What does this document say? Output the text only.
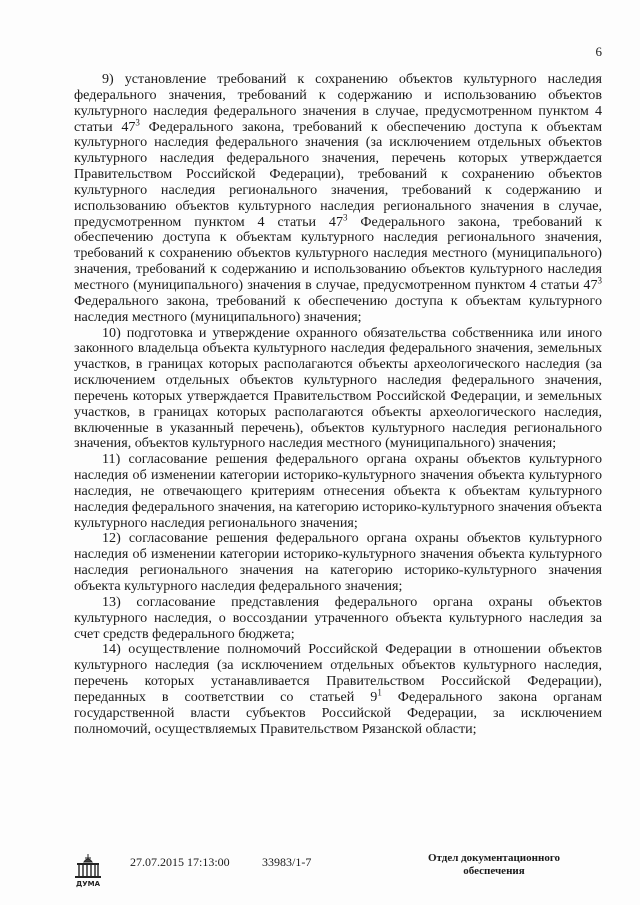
6

9) установление требований к сохранению объектов культурного наследия федерального значения, требований к содержанию и использованию объектов культурного наследия федерального значения в случае, предусмотренном пунктом 4 статьи $47^3$ Федерального закона, требований к обеспечению доступа к объектам культурного наследия федерального значения (за исключением отдельных объектов культурного наследия федерального значения, перечень которых утверждается Правительством Российской Федерации), требований к сохранению объектов культурного наследия регионального значения, требований к содержанию и использованию объектов культурного наследия регионального значения в случае, предусмотренном пунктом 4 статьи $47^3$ Федерального закона, требований к обеспечению доступа к объектам культурного наследия регионального значения, требований к сохранению объектов культурного наследия местного (муниципального) значения, требований к содержанию и использованию объектов культурного наследия местного (муниципального) значения в случае, предусмотренном пунктом 4 статьи $47^3$ Федерального закона, требований к обеспечению доступа к объектам культурного наследия местного (муниципального) значения;

10) подготовка и утверждение охранного обязательства собственника или иного законного владельца объекта культурного наследия федерального значения, земельных участков, в границах которых располагаются объекты археологического наследия (за исключением отдельных объектов культурного наследия федерального значения, перечень которых утверждается Правительством Российской Федерации, и земельных участков, в границах которых располагаются объекты археологического наследия, включенные в указанный перечень), объектов культурного наследия регионального значения, объектов культурного наследия местного (муниципального) значения;

11) согласование решения федерального органа охраны объектов культурного наследия об изменении категории историко-культурного значения объекта культурного наследия, не отвечающего критериям отнесения объекта к объектам культурного наследия федерального значения, на категорию историко-культурного значения объекта культурного наследия регионального значения;

12) согласование решения федерального органа охраны объектов культурного наследия об изменении категории историко-культурного значения объекта культурного наследия регионального значения на категорию историко-культурного значения объекта культурного наследия федерального значения;

13) согласование представления федерального органа охраны объектов культурного наследия, о воссоздании утраченного объекта культурного наследия за счет средств федерального бюджета;

14) осуществление полномочий Российской Федерации в отношении объектов культурного наследия (за исключением отдельных объектов культурного наследия, перечень которых устанавливается Правительством Российской Федерации), переданных в соответствии со статьей $9^1$ Федерального закона органам государственной власти субъектов Российской Федерации, за исключением полномочий, осуществляемых Правительством Рязанской области;

ДУМА
27.07.2015 17:13:00	33983/1-7	Отдел документационного
обеспечения
